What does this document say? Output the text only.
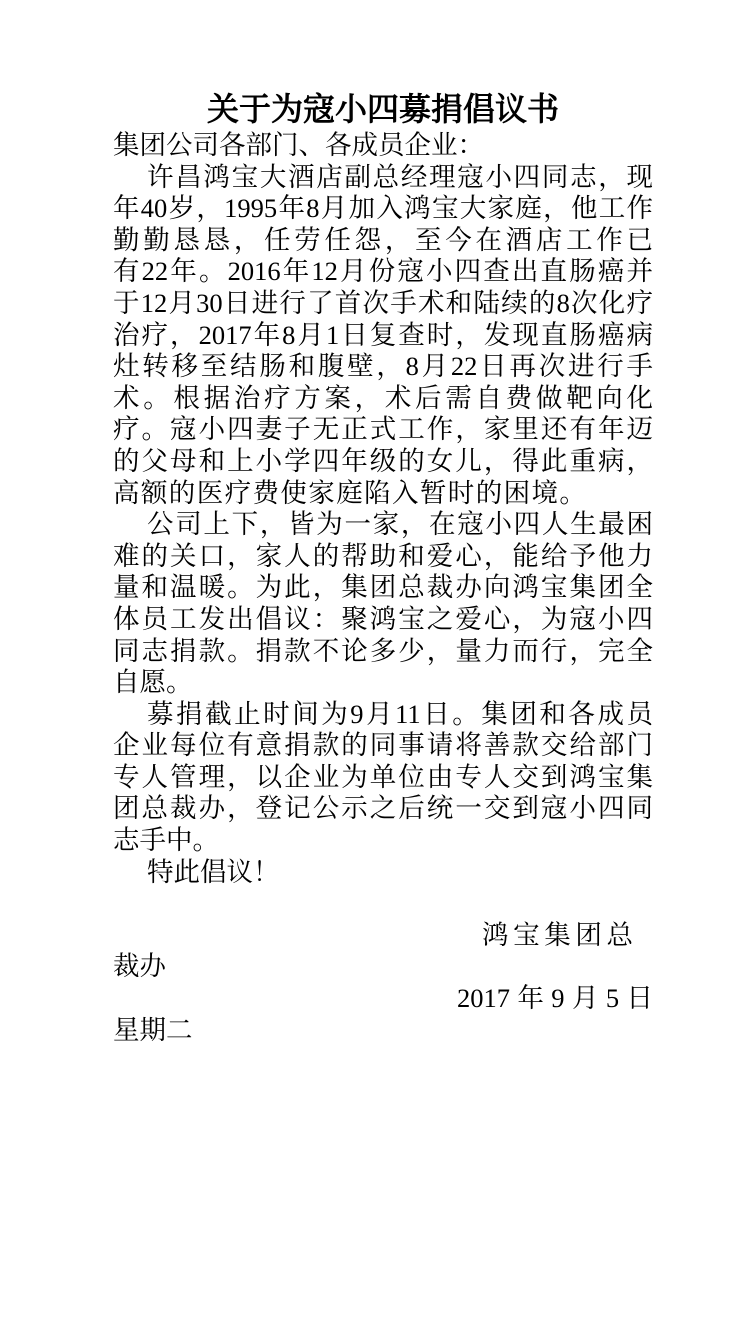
关于为寇小四募捐倡议书
集团公司各部门、各成员企业：
许昌鸿宝大酒店副总经理寇小四同志，现
年40岁，1995年8月加入鸿宝大家庭，他工作
勤勤恳恳，任劳任怨，至今在酒店工作已
有22年。2016年12月份寇小四查出直肠癌并
于12月30日进行了首次手术和陆续的8次化疗
治疗，2017年8月1日复查时，发现直肠癌病
灶转移至结肠和腹壁，8月22日再次进行手
术。根据治疗方案，术后需自费做靶向化
疗。寇小四妻子无正式工作，家里还有年迈
的父母和上小学四年级的女儿，得此重病，
高额的医疗费使家庭陷入暂时的困境。
公司上下，皆为一家，在寇小四人生最困
难的关口，家人的帮助和爱心，能给予他力
量和温暖。为此，集团总裁办向鸿宝集团全
体员工发出倡议：聚鸿宝之爱心，为寇小四
同志捐款。捐款不论多少，量力而行，完全
自愿。
募捐截止时间为9月11日。集团和各成员
企业每位有意捐款的同事请将善款交给部门
专人管理，以企业为单位由专人交到鸿宝集
团总裁办，登记公示之后统一交到寇小四同
志手中。
特此倡议！
鸿宝集团总
裁办
2017年9月5日
星期二
